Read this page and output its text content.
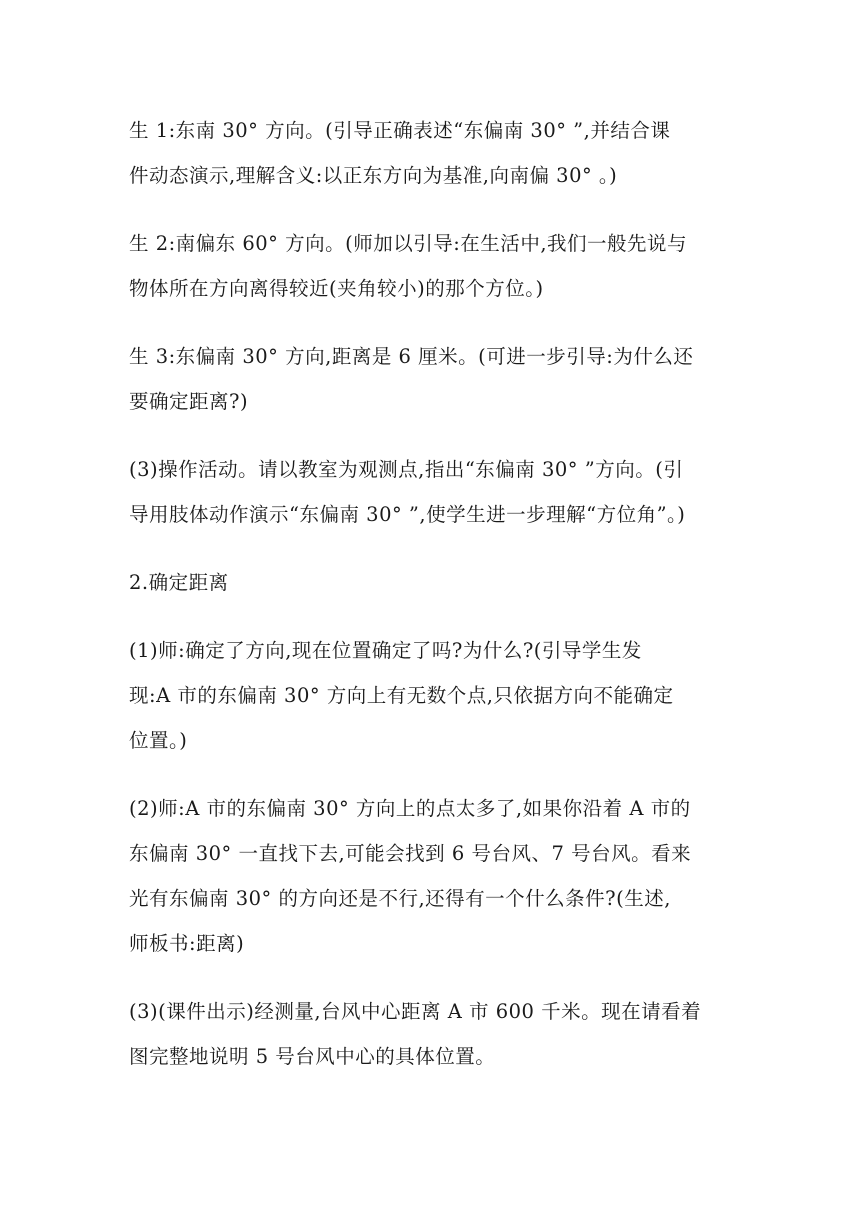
生 1:东南 30° 方向。(引导正确表述“东偏南 30° ”,并结合课
件动态演示,理解含义:以正东方向为基准,向南偏 30° 。)

生 2:南偏东 60° 方向。(师加以引导:在生活中,我们一般先说与
物体所在方向离得较近(夹角较小)的那个方位。)

生 3:东偏南 30° 方向,距离是 6 厘米。(可进一步引导:为什么还
要确定距离?)

(3)操作活动。请以教室为观测点,指出“东偏南 30° ”方向。(引
导用肢体动作演示“东偏南 30° ”,使学生进一步理解“方位角”。)

2.确定距离

(1)师:确定了方向,现在位置确定了吗?为什么?(引导学生发
现:A 市的东偏南 30° 方向上有无数个点,只依据方向不能确定
位置。)

(2)师:A 市的东偏南 30° 方向上的点太多了,如果你沿着 A 市的
东偏南 30° 一直找下去,可能会找到 6 号台风、7 号台风。看来
光有东偏南 30° 的方向还是不行,还得有一个什么条件?(生述,
师板书:距离)

(3)(课件出示)经测量,台风中心距离 A 市 600 千米。现在请看着
图完整地说明 5 号台风中心的具体位置。
